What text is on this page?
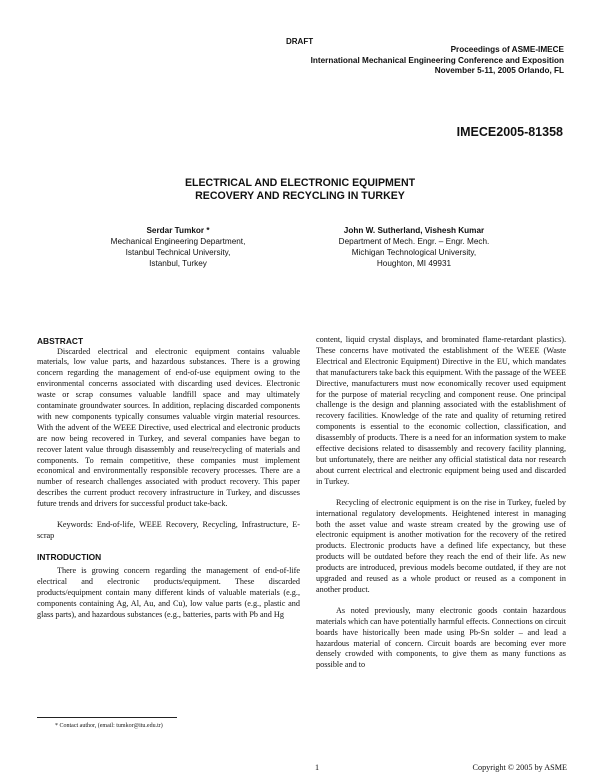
DRAFT
Proceedings of ASME-IMECE
International Mechanical Engineering Conference and Exposition
November 5-11, 2005 Orlando, FL
IMECE2005-81358
ELECTRICAL AND ELECTRONIC EQUIPMENT
RECOVERY AND RECYCLING IN TURKEY
Serdar Tumkor *
Mechanical Engineering Department,
Istanbul Technical University,
Istanbul, Turkey
John W. Sutherland, Vishesh Kumar
Department of Mech. Engr. – Engr. Mech.
Michigan Technological University,
Houghton, MI 49931
ABSTRACT

Discarded electrical and electronic equipment contains valuable materials, low value parts, and hazardous substances. There is a growing concern regarding the management of end-of-use equipment owing to the environmental concerns associated with discarding used devices. Electronic waste or scrap consumes valuable landfill space and may ultimately contaminate groundwater sources. In addition, replacing discarded components with new components typically consumes valuable virgin material resources. With the advent of the WEEE Directive, used electrical and electronic products are now being recovered in Turkey, and several companies have began to recover latent value through disassembly and reuse/recycling of materials and components. To remain competitive, these companies must implement economical and environmentally responsible recovery processes. There are a number of research challenges associated with product recovery. This paper describes the current product recovery infrastructure in Turkey, and discusses future trends and drivers for successful product take-back.

Keywords: End-of-life, WEEE Recovery, Recycling, Infrastructure, E-scrap

INTRODUCTION

There is growing concern regarding the management of end-of-life electrical and electronic products/equipment. These discarded products/equipment contain many different kinds of valuable materials (e.g., components containing Ag, Al, Au, and Cu), low value parts (e.g., plastic and glass parts), and hazardous substances (e.g., batteries, parts with Pb and Hg

content, liquid crystal displays, and brominated flame-retardant plastics). These concerns have motivated the establishment of the WEEE (Waste Electrical and Electronic Equipment) Directive in the EU, which mandates that manufacturers take back this equipment. With the passage of the WEEE Directive, manufacturers must now economically recover used equipment for the purpose of material recycling and component reuse. One principal challenge is the design and planning associated with the establishment of recovery facilities. Knowledge of the rate and quality of returning retired components is essential to the economic collection, classification, and disassembly of products. There is a need for an information system to make effective decisions related to disassembly and recovery facility planning, but unfortunately, there are neither any official statistical data nor research about current electrical and electronic equipment being used and discarded in Turkey.

Recycling of electronic equipment is on the rise in Turkey, fueled by international regulatory developments. Heightened interest in managing both the asset value and waste stream created by the growing use of electronic equipment is another motivation for the recovery of the retired products. Electronic products have a defined life expectancy, but these products will be outdated before they reach the end of their life. As new products are introduced, previous models become outdated, if they are not upgraded and reused as a whole product or reused as a component in another product.

As noted previously, many electronic goods contain hazardous materials which can have potentially harmful effects. Connections on circuit boards have historically been made using Pb-Sn solder – and lead a hazardous material of concern. Circuit boards are becoming ever more densely crowded with components, to give them as many functions as possible and to

* Contact author, (email: tumkor@itu.edu.tr)
1	Copyright © 2005 by ASME
